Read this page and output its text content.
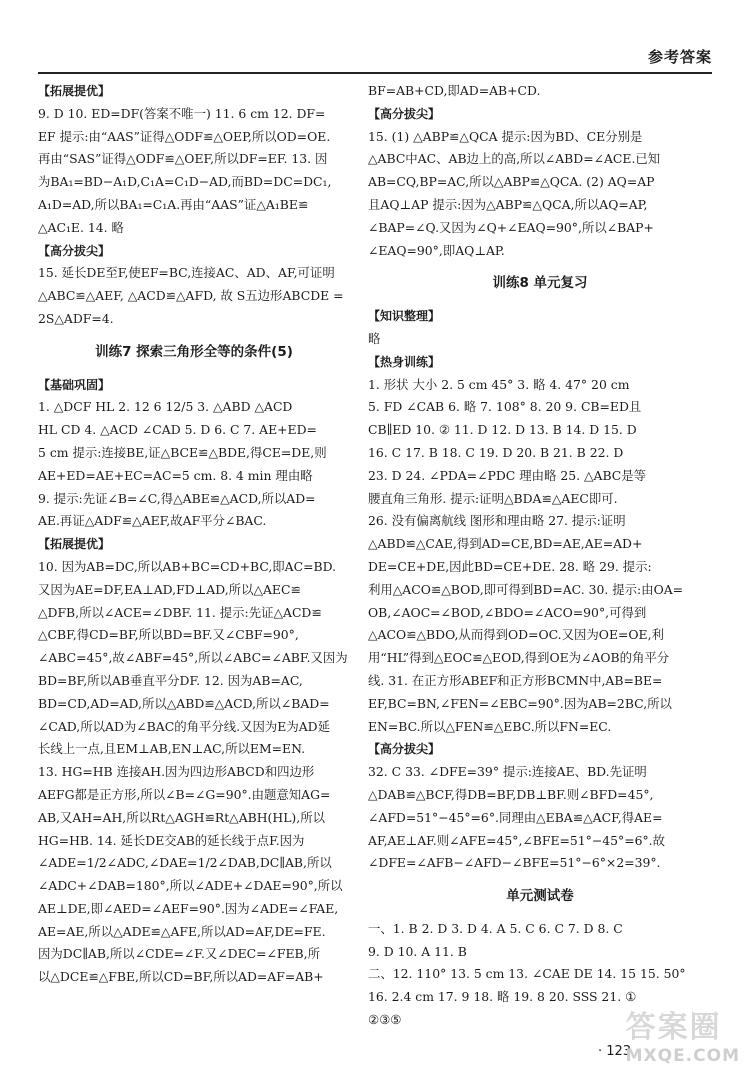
参考答案
【拓展提优】
9. D 10. ED=DF(答案不唯一) 11. 6 cm 12. DF=
EF 提示:由“AAS”证得△ODF≌△OEP,所以OD=OE.
再由“SAS”证得△ODF≌△OEF,所以DF=EF. 13. 因
为BA₁=BD−A₁D,C₁A=C₁D−AD,而BD=DC=DC₁,
A₁D=AD,所以BA₁=C₁A.再由“AAS”证△A₁BE≌
△AC₁E. 14. 略
【高分拔尖】
15. 延长DE至F,使EF=BC,连接AC、AD、AF,可证明
△ABC≌△AEF, △ACD≌△AFD, 故 S五边形ABCDE =
2S△ADF=4.
训练7 探索三角形全等的条件(5)
【基础巩固】
1. △DCF HL 2. 12 6 12/5 3. △ABD △ACD
HL CD 4. △ACD ∠CAD 5. D 6. C 7. AE+ED=
5 cm 提示:连接BE,证△BCE≌△BDE,得CE=DE,则
AE+ED=AE+EC=AC=5 cm. 8. 4 min 理由略
9. 提示:先证∠B=∠C,得△ABE≌△ACD,所以AD=
AE.再证△ADF≌△AEF,故AF平分∠BAC.
【拓展提优】
10. 因为AB=DC,所以AB+BC=CD+BC,即AC=BD.
又因为AE=DF,EA⊥AD,FD⊥AD,所以△AEC≌
△DFB,所以∠ACE=∠DBF. 11. 提示:先证△ACD≌
△CBF,得CD=BF,所以BD=BF.又∠CBF=90°,
∠ABC=45°,故∠ABF=45°,所以∠ABC=∠ABF.又因为
BD=BF,所以AB垂直平分DF. 12. 因为AB=AC,
BD=CD,AD=AD,所以△ABD≌△ACD,所以∠BAD=
∠CAD,所以AD为∠BAC的角平分线.又因为E为AD延
长线上一点,且EM⊥AB,EN⊥AC,所以EM=EN.
13. HG=HB 连接AH.因为四边形ABCD和四边形
AEFG都是正方形,所以∠B=∠G=90°.由题意知AG=
AB,又AH=AH,所以Rt△AGH≌Rt△ABH(HL),所以
HG=HB. 14. 延长DE交AB的延长线于点F.因为
∠ADE=1/2∠ADC,∠DAE=1/2∠DAB,DC∥AB,所以
∠ADC+∠DAB=180°,所以∠ADE+∠DAE=90°,所以
AE⊥DE,即∠AED=∠AEF=90°.因为∠ADE=∠FAE,
AE=AE,所以△ADE≌△AFE,所以AD=AF,DE=FE.
因为DC∥AB,所以∠CDE=∠F.又∠DEC=∠FEB,所
以△DCE≌△FBE,所以CD=BF,所以AD=AF=AB+
BF=AB+CD,即AD=AB+CD.
【高分拔尖】
15. (1) △ABP≌△QCA 提示:因为BD、CE分别是
△ABC中AC、AB边上的高,所以∠ABD=∠ACE.已知
AB=CQ,BP=AC,所以△ABP≌△QCA. (2) AQ=AP
且AQ⊥AP 提示:因为△ABP≌△QCA,所以AQ=AP,
∠BAP=∠Q.又因为∠Q+∠EAQ=90°,所以∠BAP+
∠EAQ=90°,即AQ⊥AP.
训练8 单元复习
【知识整理】
略
【热身训练】
1. 形状 大小 2. 5 cm 45° 3. 略 4. 47° 20 cm
5. FD ∠CAB 6. 略 7. 108° 8. 20 9. CB=ED且
CB∥ED 10. ② 11. D 12. D 13. B 14. D 15. D
16. C 17. B 18. C 19. D 20. B 21. B 22. D
23. D 24. ∠PDA=∠PDC 理由略 25. △ABC是等
腰直角三角形. 提示:证明△BDA≌△AEC即可.
26. 没有偏离航线 图形和理由略 27. 提示:证明
△ABD≌△CAE,得到AD=CE,BD=AE,AE=AD+
DE=CE+DE,因此BD=CE+DE. 28. 略 29. 提示:
利用△ACO≌△BOD,即可得到BD=AC. 30. 提示:由OA=
OB,∠AOC=∠BOD,∠BDO=∠ACO=90°,可得到
△ACO≌△BDO,从而得到OD=OC.又因为OE=OE,利
用“HL”得到△EOC≌△EOD,得到OE为∠AOB的角平分
线. 31. 在正方形ABEF和正方形BCMN中,AB=BE=
EF,BC=BN,∠FEN=∠EBC=90°.因为AB=2BC,所以
EN=BC.所以△FEN≌△EBC.所以FN=EC.
【高分拔尖】
32. C 33. ∠DFE=39° 提示:连接AE、BD.先证明
△DAB≌△BCF,得DB=BF,DB⊥BF.则∠BFD=45°,
∠AFD=51°−45°=6°.同理由△EBA≌△ACF,得AE=
AF,AE⊥AF.则∠AFE=45°,∠BFE=51°−45°=6°.故
∠DFE=∠AFB−∠AFD−∠BFE=51°−6°×2=39°.
单元测试卷
一、1. B 2. D 3. D 4. A 5. C 6. C 7. D 8. C
9. D 10. A 11. B
二、12. 110° 13. 5 cm 13. ∠CAE DE 14. 15 15. 50°
16. 2.4 cm 17. 9 18. 略 19. 8 20. SSS 21. ①
②③⑤
· 123 ·
答案圈
MXQE.COM
